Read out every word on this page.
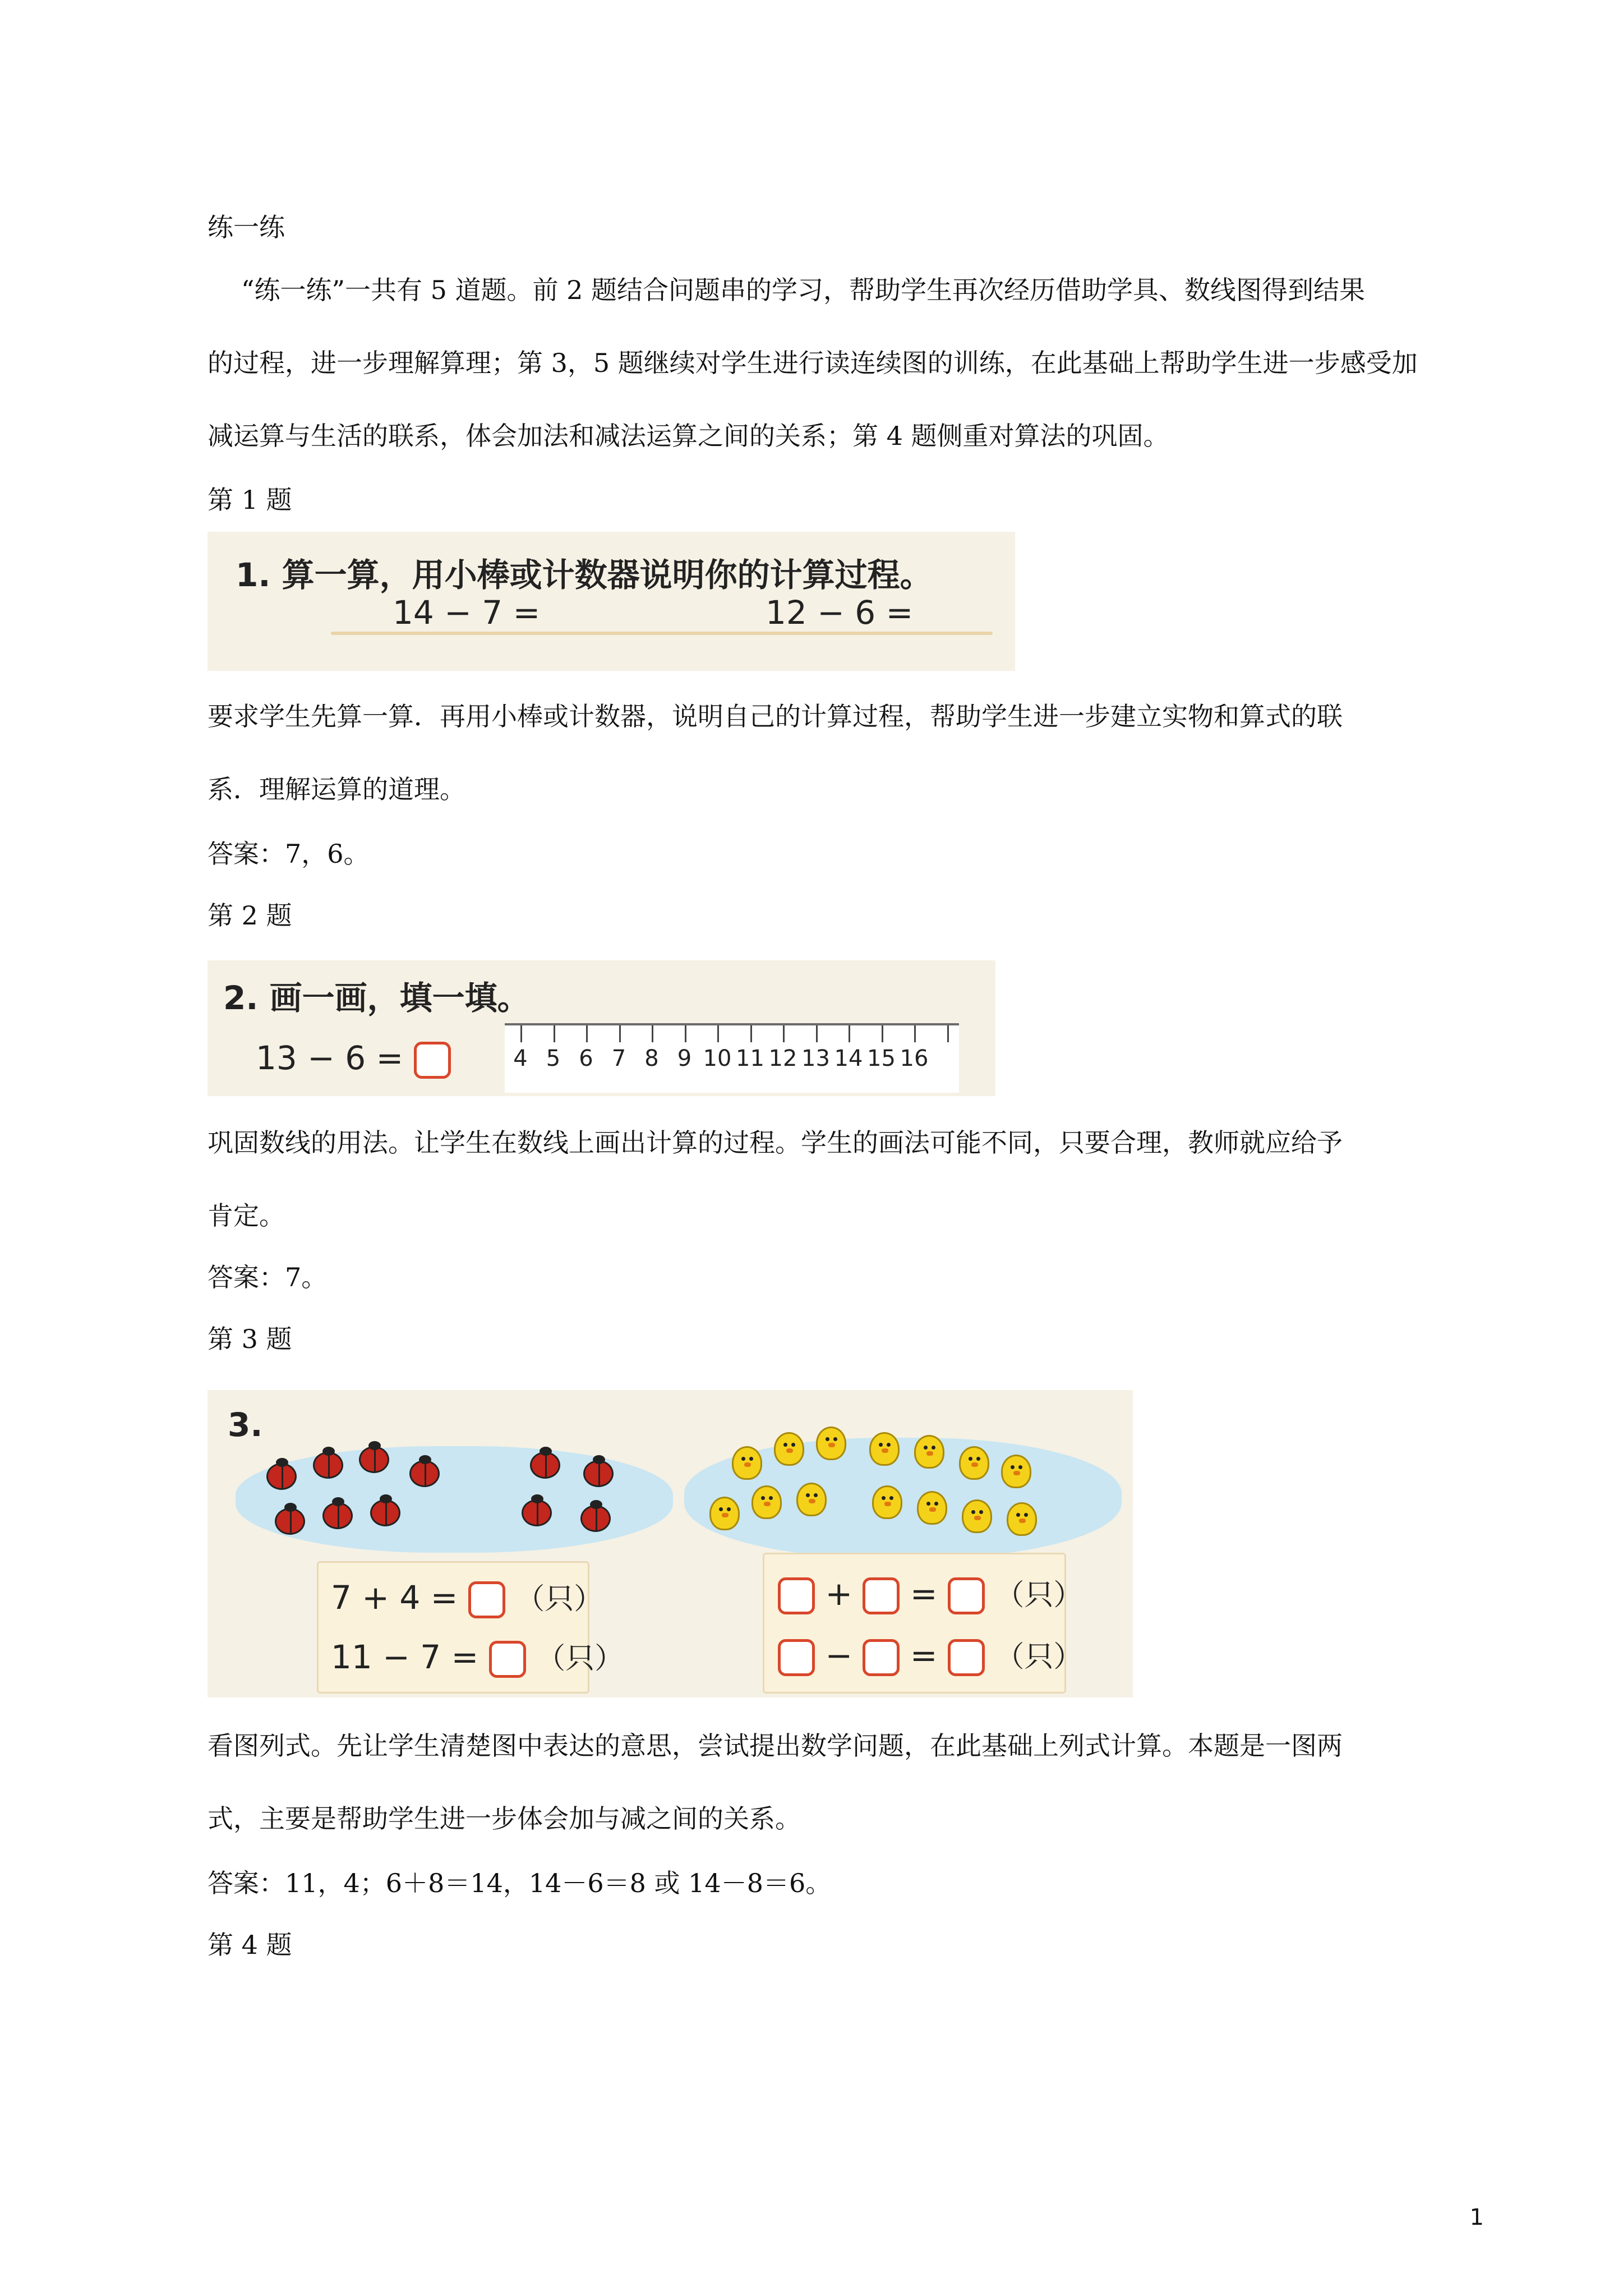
练一练
“练一练”一共有 5 道题。前 2 题结合问题串的学习，帮助学生再次经历借助学具、数线图得到结果
的过程，进一步理解算理；第 3，5 题继续对学生进行读连续图的训练，在此基础上帮助学生进一步感受加
减运算与生活的联系，体会加法和减法运算之间的关系；第 4 题侧重对算法的巩固。
第 1 题
1. 算一算，用小棒或计数器说明你的计算过程。
14 − 7 =	12 − 6 =
要求学生先算一算．再用小棒或计数器，说明自己的计算过程，帮助学生进一步建立实物和算式的联
系．理解运算的道理。
答案：7，6。
第 2 题
2. 画一画，填一填。
13 − 6 =	4 5 6 7 8 9 10 11 12 13 14 15 16
巩固数线的用法。让学生在数线上画出计算的过程。学生的画法可能不同，只要合理，教师就应给予
肯定。
答案：7。
第 3 题
3.
7 + 4 = （只）
11 − 7 = （只）
+ = （只）
− = （只）
看图列式。先让学生清楚图中表达的意思，尝试提出数学问题，在此基础上列式计算。本题是一图两
式，主要是帮助学生进一步体会加与减之间的关系。
答案：11，4；6＋8＝14，14－6＝8 或 14－8＝6。
第 4 题
1
